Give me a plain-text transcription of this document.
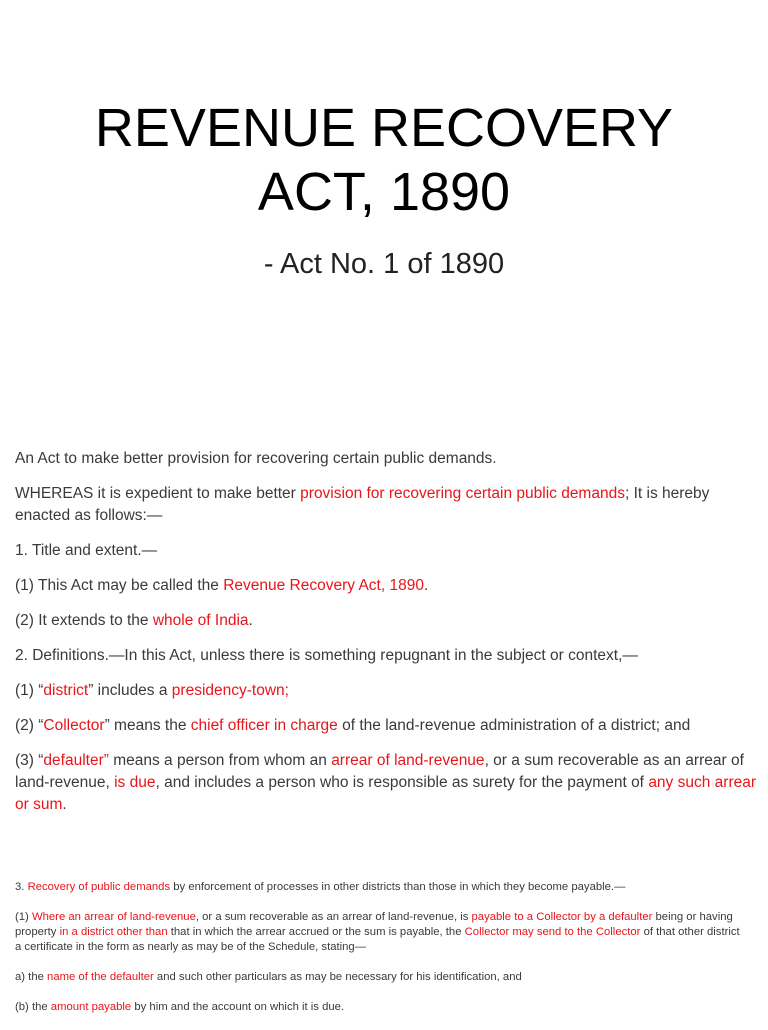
REVENUE RECOVERY
ACT, 1890
- Act No. 1 of 1890

An Act to make better provision for recovering certain public demands.

WHEREAS it is expedient to make better provision for recovering certain public demands; It is hereby enacted as follows:—

1. Title and extent.—

(1) This Act may be called the Revenue Recovery Act, 1890.

(2) It extends to the whole of India.

2. Definitions.—In this Act, unless there is something repugnant in the subject or context,—

(1) “district” includes a presidency-town;

(2) “Collector” means the chief officer in charge of the land-revenue administration of a district; and

(3) “defaulter” means a person from whom an arrear of land-revenue, or a sum recoverable as an arrear of land-revenue, is due, and includes a person who is responsible as surety for the payment of any such arrear or sum.

3. Recovery of public demands by enforcement of processes in other districts than those in which they become payable.—

(1) Where an arrear of land-revenue, or a sum recoverable as an arrear of land-revenue, is payable to a Collector by a defaulter being or having property in a district other than that in which the arrear accrued or the sum is payable, the Collector may send to the Collector of that other district a certificate in the form as nearly as may be of the Schedule, stating—

a) the name of the defaulter and such other particulars as may be necessary for his identification, and

(b) the amount payable by him and the account on which it is due.
